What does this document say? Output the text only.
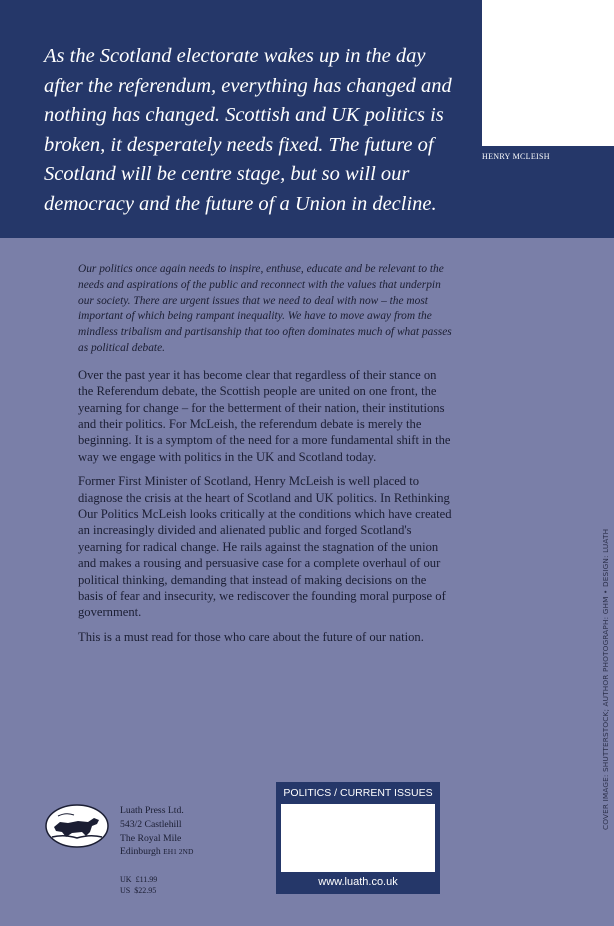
As the Scotland electorate wakes up in the day after the referendum, everything has changed and nothing has changed. Scottish and UK politics is broken, it desperately needs fixed. The future of Scotland will be centre stage, but so will our democracy and the future of a Union in decline.

HENRY MCLEISH

Our politics once again needs to inspire, enthuse, educate and be relevant to the needs and aspirations of the public and reconnect with the values that underpin our society. There are urgent issues that we need to deal with now – the most important of which being rampant inequality. We have to move away from the mindless tribalism and partisanship that too often dominates much of what passes as political debate.

Over the past year it has become clear that regardless of their stance on the Referendum debate, the Scottish people are united on one front, the yearning for change – for the betterment of their nation, their institutions and their politics. For McLeish, the referendum debate is merely the beginning. It is a symptom of the need for a more fundamental shift in the way we engage with politics in the UK and Scotland today.

Former First Minister of Scotland, Henry McLeish is well placed to diagnose the crisis at the heart of Scotland and UK politics. In Rethinking Our Politics McLeish looks critically at the conditions which have created an increasingly divided and alienated public and forged Scotland's yearning for radical change. He rails against the stagnation of the union and makes a rousing and persuasive case for a complete overhaul of our political thinking, demanding that instead of making decisions on the basis of fear and insecurity, we rediscover the founding moral purpose of government.

This is a must read for those who care about the future of our nation.	COVER IMAGE: SHUTTERSTOCK; AUTHOR PHOTOGRAPH: GHM • DESIGN: LUATH
Luath Press Ltd.
543/2 Castlehill
The Royal Mile
Edinburgh EH1 2ND
UK £11.99
US $22.95
POLITICS / CURRENT ISSUES
www.luath.co.uk
